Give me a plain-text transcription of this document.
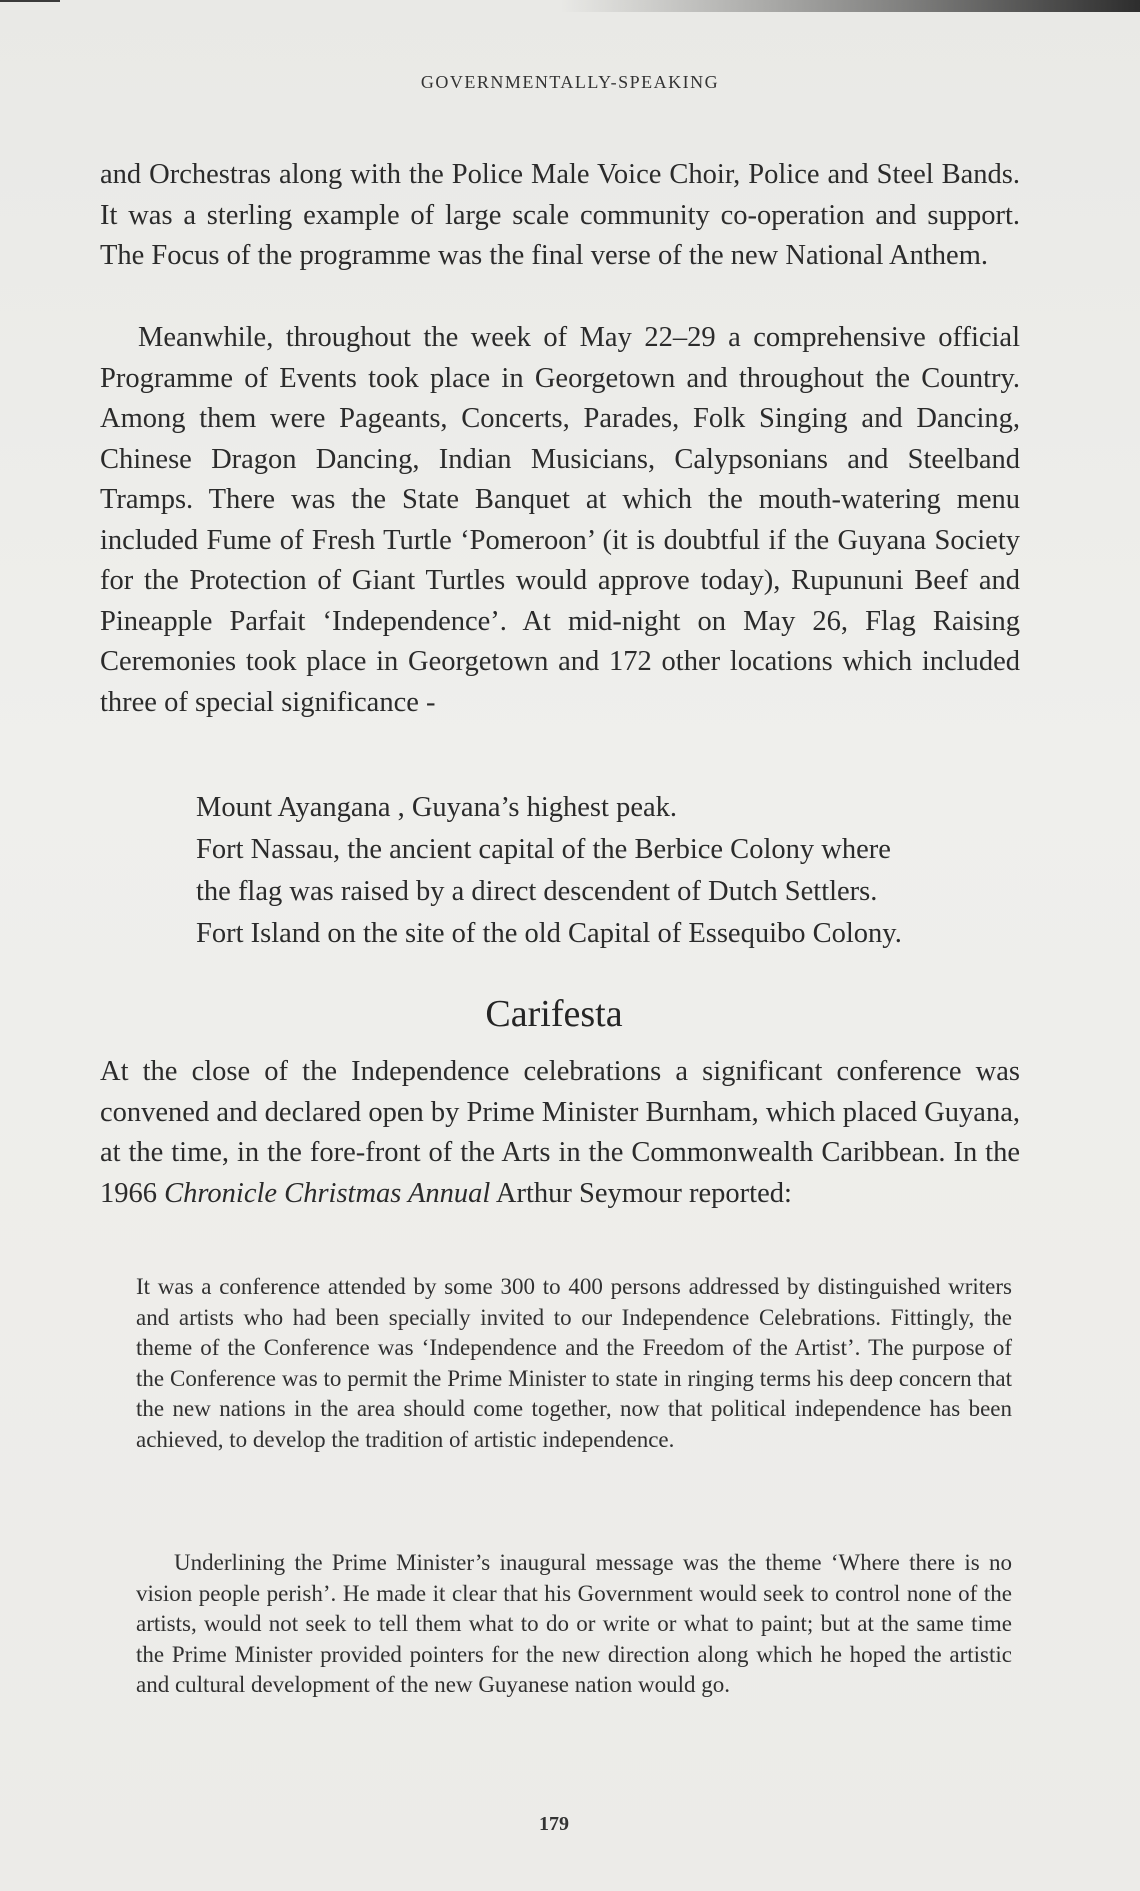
GOVERNMENTALLY-SPEAKING

and Orchestras along with the Police Male Voice Choir, Police and Steel Bands. It was a sterling example of large scale community co-operation and support. The Focus of the programme was the final verse of the new National Anthem.

Meanwhile, throughout the week of May 22–29 a comprehensive official Programme of Events took place in Georgetown and throughout the Country. Among them were Pageants, Concerts, Parades, Folk Singing and Dancing, Chinese Dragon Dancing, Indian Musicians, Calypsonians and Steelband Tramps. There was the State Banquet at which the mouth-watering menu included Fume of Fresh Turtle ‘Pomeroon’ (it is doubtful if the Guyana Society for the Protection of Giant Turtles would approve today), Rupununi Beef and Pineapple Parfait ‘Independence’. At mid-night on May 26, Flag Raising Ceremonies took place in Georgetown and 172 other locations which included three of special significance -

Mount Ayangana , Guyana’s highest peak.
Fort Nassau, the ancient capital of the Berbice Colony where
the flag was raised by a direct descendent of Dutch Settlers.
Fort Island on the site of the old Capital of Essequibo Colony.
Carifesta

At the close of the Independence celebrations a significant conference was convened and declared open by Prime Minister Burnham, which placed Guyana, at the time, in the fore-front of the Arts in the Commonwealth Caribbean. In the 1966 Chronicle Christmas Annual Arthur Seymour reported:

It was a conference attended by some 300 to 400 persons addressed by distinguished writers and artists who had been specially invited to our Independence Celebrations. Fittingly, the theme of the Conference was ‘Independence and the Freedom of the Artist’. The purpose of the Conference was to permit the Prime Minister to state in ringing terms his deep concern that the new nations in the area should come together, now that political independence has been achieved, to develop the tradition of artistic independence.

Underlining the Prime Minister’s inaugural message was the theme ‘Where there is no vision people perish’. He made it clear that his Government would seek to control none of the artists, would not seek to tell them what to do or write or what to paint; but at the same time the Prime Minister provided pointers for the new direction along which he hoped the artistic and cultural development of the new Guyanese nation would go.

179
